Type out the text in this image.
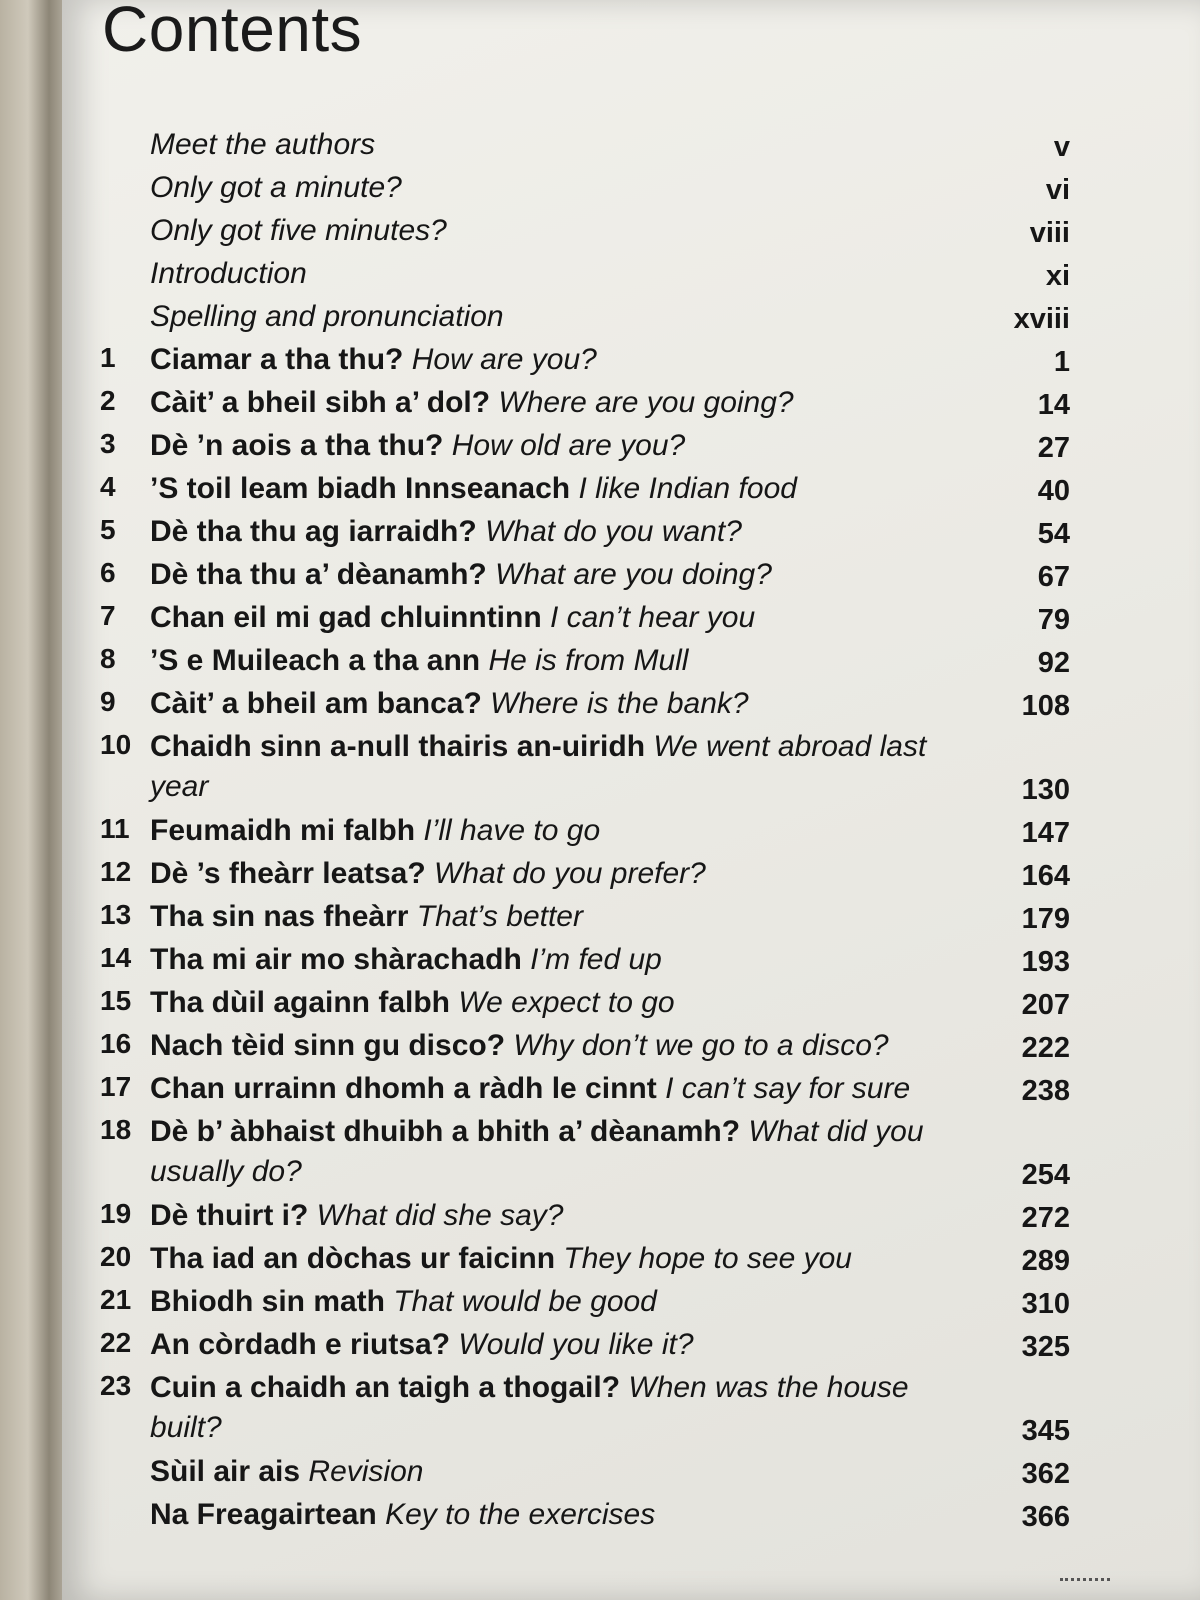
Contents
Meet the authors	v
Only got a minute?	vi
Only got five minutes?	viii
Introduction	xi
Spelling and pronunciation	xviii
1	Ciamar a tha thu? How are you?	1
2	Càit’ a bheil sibh a’ dol? Where are you going?	14
3	Dè ’n aois a tha thu? How old are you?	27
4	’S toil leam biadh Innseanach I like Indian food	40
5	Dè tha thu ag iarraidh? What do you want?	54
6	Dè tha thu a’ dèanamh? What are you doing?	67
7	Chan eil mi gad chluinntinn I can’t hear you	79
8	’S e Muileach a tha ann He is from Mull	92
9	Càit’ a bheil am banca? Where is the bank?	108
10 Chaidh sinn a-null thairis an-uiridh We went abroad last year	130
11 Feumaidh mi falbh I’ll have to go	147
12 Dè ’s fheàrr leatsa? What do you prefer?	164
13 Tha sin nas fheàrr That’s better	179
14 Tha mi air mo shàrachadh I’m fed up	193
15 Tha dùil againn falbh We expect to go	207
16 Nach tèid sinn gu disco? Why don’t we go to a disco?	222
17 Chan urrainn dhomh a ràdh le cinnt I can’t say for sure	238
18 Dè b’ àbhaist dhuibh a bhith a’ dèanamh? What did you usually do?	254
19 Dè thuirt i? What did she say?	272
20 Tha iad an dòchas ur faicinn They hope to see you	289
21 Bhiodh sin math That would be good	310
22 An còrdadh e riutsa? Would you like it?	325
23 Cuin a chaidh an taigh a thogail? When was the house built?	345
Sùil air ais Revision	362
Na Freagairtean Key to the exercises	366
